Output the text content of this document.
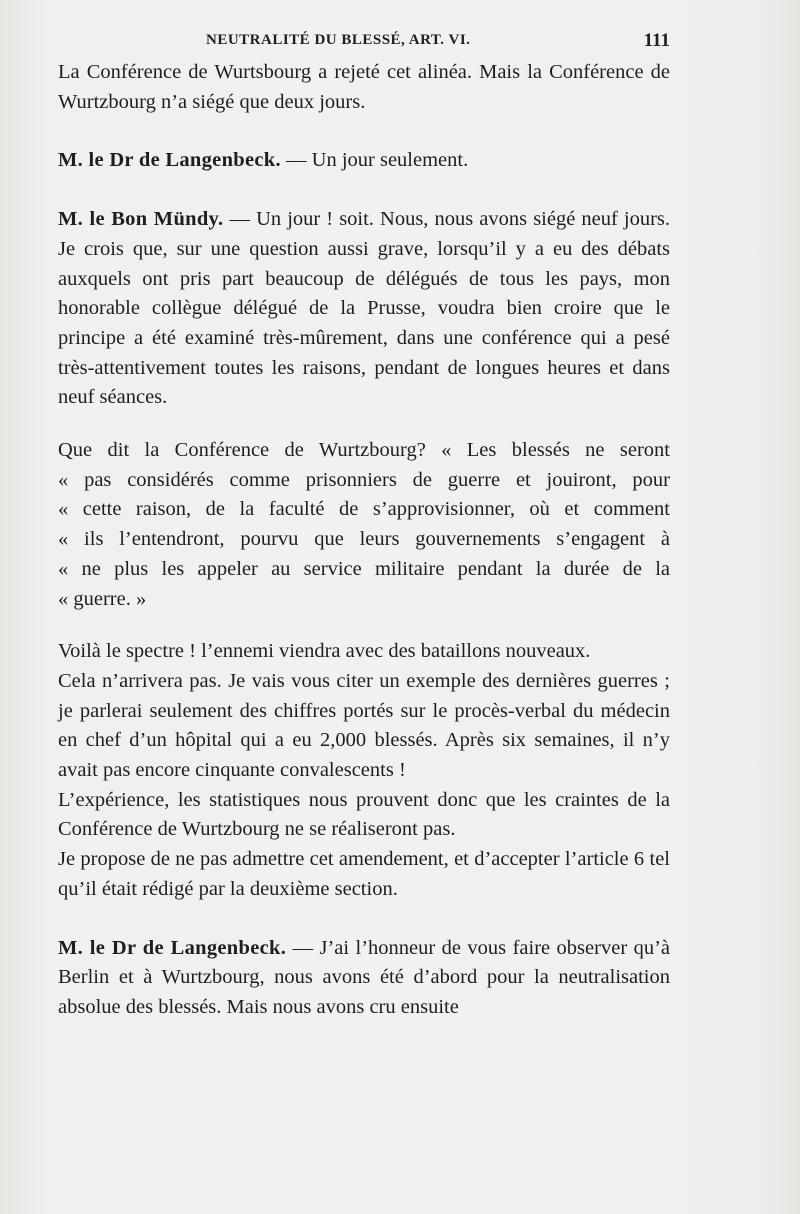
NEUTRALITÉ DU BLESSÉ, ART. VI.	111

La Conférence de Wurtsbourg a rejeté cet alinéa. Mais la Conférence de Wurtzbourg n’a siégé que deux jours.

M. le Dr de Langenbeck. — Un jour seulement.

M. le Bon Mündy. — Un jour ! soit. Nous, nous avons siégé neuf jours. Je crois que, sur une question aussi grave, lorsqu’il y a eu des débats auxquels ont pris part beaucoup de délégués de tous les pays, mon honorable collègue délégué de la Prusse, voudra bien croire que le principe a été examiné très-mûrement, dans une conférence qui a pesé très-attentivement toutes les raisons, pendant de longues heures et dans neuf séances.

Que dit la Conférence de Wurtzbourg? « Les blessés ne seront
« pas considérés comme prisonniers de guerre et jouiront, pour
« cette raison, de la faculté de s’approvisionner, où et comment
« ils l’entendront, pourvu que leurs gouvernements s’engagent à
« ne plus les appeler au service militaire pendant la durée de la
« guerre. »

Voilà le spectre ! l’ennemi viendra avec des bataillons nouveaux.

Cela n’arrivera pas. Je vais vous citer un exemple des dernières guerres ; je parlerai seulement des chiffres portés sur le procès-verbal du médecin en chef d’un hôpital qui a eu 2,000 blessés. Après six semaines, il n’y avait pas encore cinquante convalescents !

L’expérience, les statistiques nous prouvent donc que les craintes de la Conférence de Wurtzbourg ne se réaliseront pas.

Je propose de ne pas admettre cet amendement, et d’accepter l’article 6 tel qu’il était rédigé par la deuxième section.

M. le Dr de Langenbeck. — J’ai l’honneur de vous faire observer qu’à Berlin et à Wurtzbourg, nous avons été d’abord pour la neutralisation absolue des blessés. Mais nous avons cru ensuite
